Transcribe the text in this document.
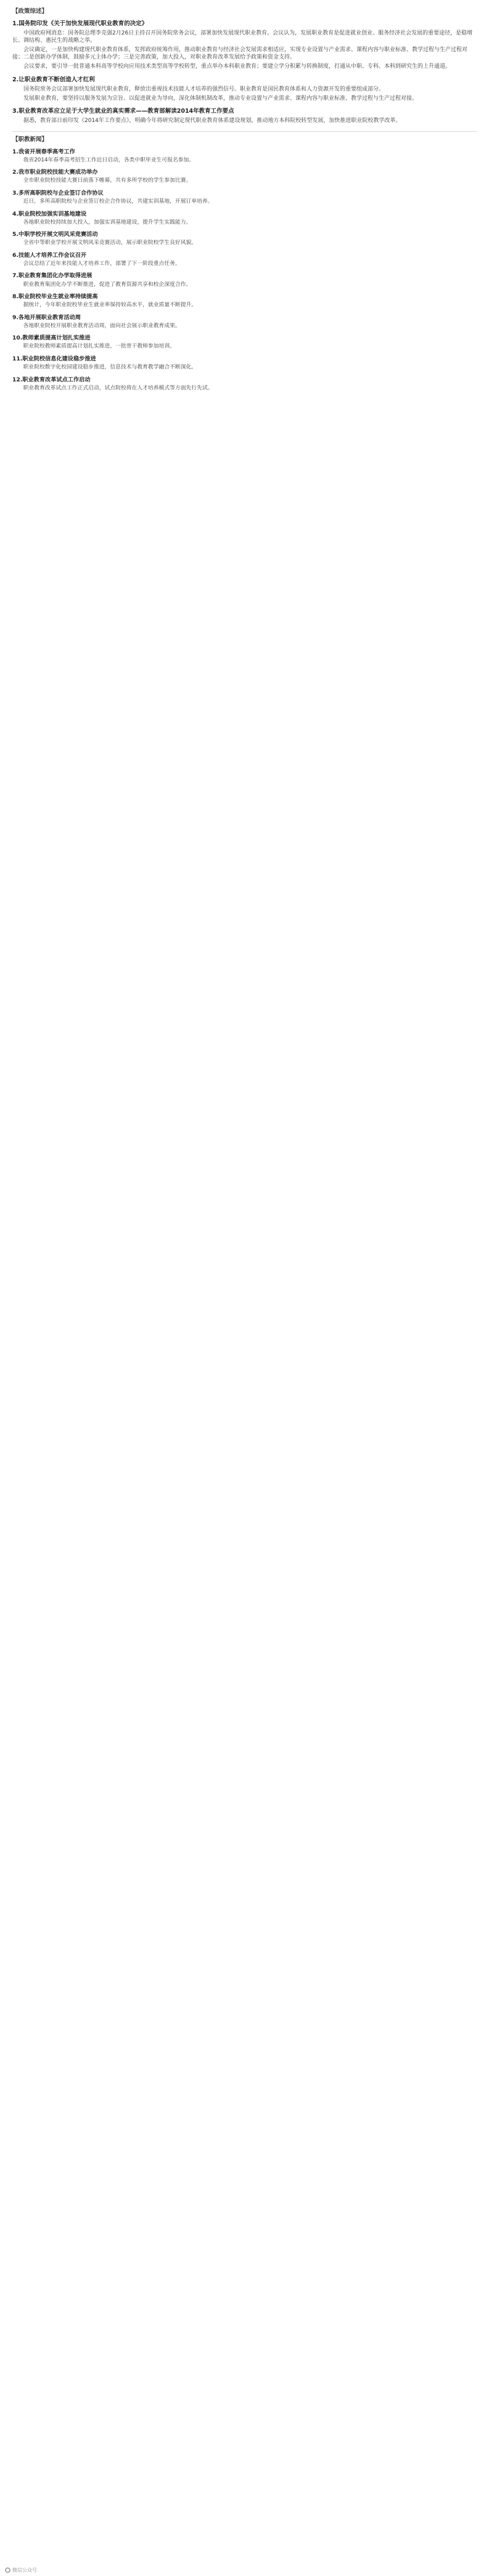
【政策综述】
1.国务院印发《关于加快发展现代职业教育的决定》

中国政府网消息：国务院总理李克强2月26日主持召开国务院常务会议，部署加快发展现代职业教育。会议认为，发展职业教育是促进就业创业、服务经济社会发展的重要途径，是稳增长、调结构、惠民生的战略之举。

会议确定，一是加快构建现代职业教育体系，发挥政府统筹作用，推动职业教育与经济社会发展需求相适应，实现专业设置与产业需求、课程内容与职业标准、教学过程与生产过程对接；二是创新办学体制，鼓励多元主体办学；三是完善政策，加大投入，对职业教育改革发展给予政策和资金支持。

会议要求，要引导一批普通本科高等学校向应用技术类型高等学校转型，重点举办本科职业教育；要建立学分积累与转换制度，打通从中职、专科、本科到研究生的上升通道。

2.让职业教育不断创造人才红利

国务院常务会议部署加快发展现代职业教育，释放出重视技术技能人才培养的强烈信号。职业教育是国民教育体系和人力资源开发的重要组成部分。

发展职业教育，要坚持以服务发展为宗旨、以促进就业为导向，深化体制机制改革，推动专业设置与产业需求、课程内容与职业标准、教学过程与生产过程对接。

3.职业教育改革应立足于大学生就业的真实需求——教育部解读2014年教育工作要点

据悉，教育部日前印发《2014年工作要点》，明确今年将研究制定现代职业教育体系建设规划，推动地方本科院校转型发展，加快推进职业院校教学改革。

【职教新闻】
1.我省开展春季高考工作
我省2014年春季高考招生工作近日启动，各类中职毕业生可报名参加。
2.我市职业院校技能大赛成功举办
全市职业院校技能大赛日前落下帷幕，共有多所学校的学生参加比赛。
3.多所高职院校与企业签订合作协议
近日，多所高职院校与企业签订校企合作协议，共建实训基地，开展订单培养。
4.职业院校加强实训基地建设
各地职业院校持续加大投入，加强实训基地建设，提升学生实践能力。
5.中职学校开展文明风采竞赛活动
全省中等职业学校开展文明风采竞赛活动，展示职业院校学生良好风貌。
6.技能人才培养工作会议召开
会议总结了近年来技能人才培养工作，部署了下一阶段重点任务。
7.职业教育集团化办学取得进展
职业教育集团化办学不断推进，促进了教育资源共享和校企深度合作。
8.职业院校毕业生就业率持续提高
据统计，今年职业院校毕业生就业率保持较高水平，就业质量不断提升。
9.各地开展职业教育活动周
各地职业院校开展职业教育活动周，面向社会展示职业教育成果。
10.教师素质提高计划扎实推进
职业院校教师素质提高计划扎实推进，一批骨干教师参加培训。
11.职业院校信息化建设稳步推进
职业院校数字化校园建设稳步推进，信息技术与教育教学融合不断深化。
12.职业教育改革试点工作启动
职业教育改革试点工作正式启动，试点院校将在人才培养模式等方面先行先试。
微信公众号
